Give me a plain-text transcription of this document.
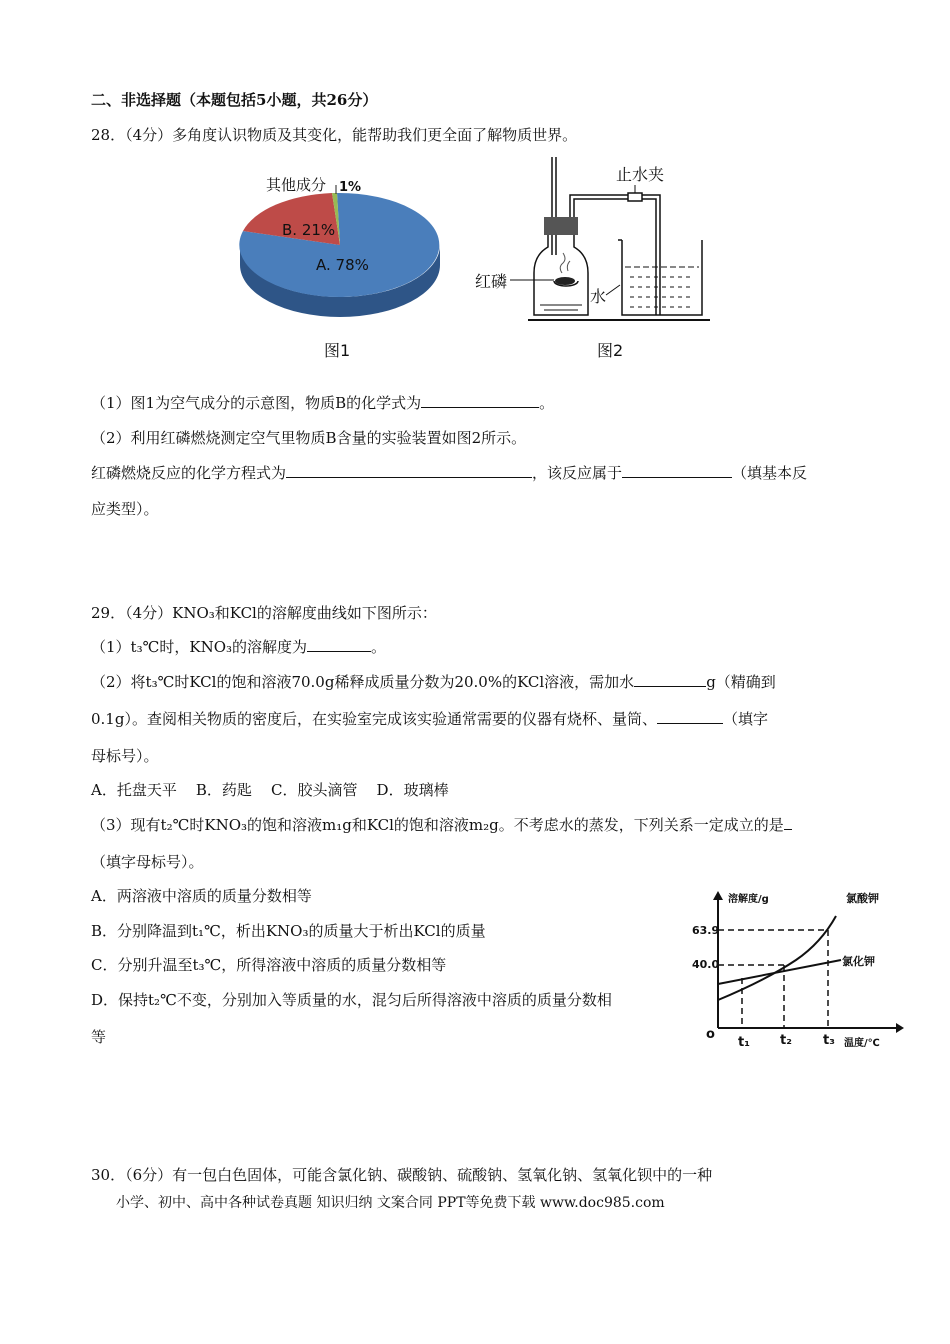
二、非选择题（本题包括5小题，共26分）
28．（4分）多角度认识物质及其变化，能帮助我们更全面了解物质世界。
其他成分 1%
B. 21%
A. 78%
图1
止水夹
红磷
水
图2
（1）图1为空气成分的示意图，物质B的化学式为	。
（2）利用红磷燃烧测定空气里物质B含量的实验装置如图2所示。
红磷燃烧反应的化学方程式为	，该反应属于	（填基本反
应类型）。
29．（4分）KNO₃和KCl的溶解度曲线如下图所示：
（1）t₃℃时，KNO₃的溶解度为	。
（2）将t₃℃时KCl的饱和溶液70.0g稀释成质量分数为20.0%的KCl溶液，需加水	g（精确到
0.1g）。查阅相关物质的密度后，在实验室完成该实验通常需要的仪器有烧杯、量筒、	（填字
母标号）。
A．托盘天平    B．药匙    C．胶头滴管    D．玻璃棒
（3）现有t₂℃时KNO₃的饱和溶液m₁g和KCl的饱和溶液m₂g。不考虑水的蒸发，下列关系一定成立的是
（填字母标号）。
A．两溶液中溶质的质量分数相等
B．分别降温到t₁℃，析出KNO₃的质量大于析出KCl的质量
C．分别升温至t₃℃，所得溶液中溶质的质量分数相等
D．保持t₂℃不变，分别加入等质量的水，混匀后所得溶液中溶质的质量分数相
等
溶解度/g
温度/℃
o
63.9
40.0
t₁ t₂ t₃
氯酸钾
氯化钾
30．（6分）有一包白色固体，可能含氯化钠、碳酸钠、硫酸钠、氢氧化钠、氢氧化钡中的一种
小学、初中、高中各种试卷真题 知识归纳 文案合同 PPT等免费下载 www.doc985.com
